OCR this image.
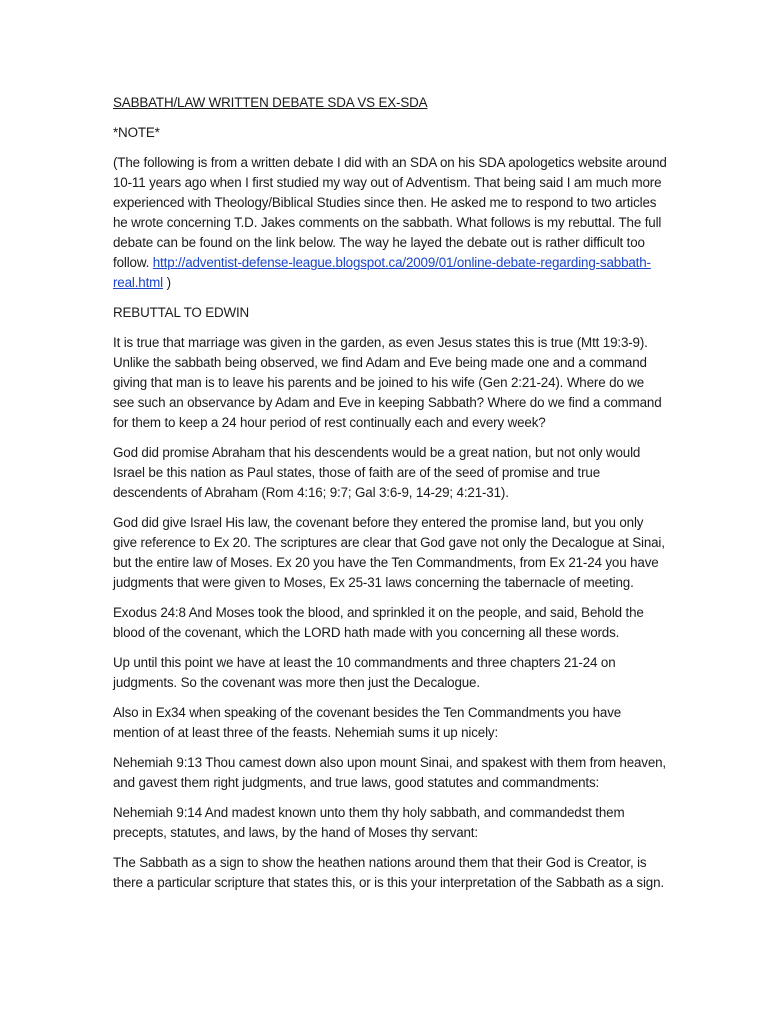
SABBATH/LAW WRITTEN DEBATE SDA VS EX-SDA
*NOTE*
(The following is from a written debate I did with an SDA on his SDA apologetics website around 10-11 years ago when I first studied my way out of Adventism. That being said I am much more experienced with Theology/Biblical Studies since then. He asked me to respond to two articles he wrote concerning T.D. Jakes comments on the sabbath. What follows is my rebuttal. The full debate can be found on the link below. The way he layed the debate out is rather difficult too follow. http://adventist-defense-league.blogspot.ca/2009/01/online-debate-regarding-sabbath-real.html )
REBUTTAL TO EDWIN
It is true that marriage was given in the garden, as even Jesus states this is true (Mtt 19:3-9). Unlike the sabbath being observed, we find Adam and Eve being made one and a command giving that man is to leave his parents and be joined to his wife (Gen 2:21-24). Where do we see such an observance by Adam and Eve in keeping Sabbath? Where do we find a command for them to keep a 24 hour period of rest continually each and every week?
God did promise Abraham that his descendents would be a great nation, but not only would Israel be this nation as Paul states, those of faith are of the seed of promise and true descendents of Abraham (Rom 4:16; 9:7; Gal 3:6-9, 14-29; 4:21-31).
God did give Israel His law, the covenant before they entered the promise land, but you only give reference to Ex 20. The scriptures are clear that God gave not only the Decalogue at Sinai, but the entire law of Moses. Ex 20 you have the Ten Commandments, from Ex 21-24 you have judgments that were given to Moses, Ex 25-31 laws concerning the tabernacle of meeting.
Exodus 24:8 And Moses took the blood, and sprinkled it on the people, and said, Behold the blood of the covenant, which the LORD hath made with you concerning all these words.
Up until this point we have at least the 10 commandments and three chapters 21-24 on judgments. So the covenant was more then just the Decalogue.
Also in Ex34 when speaking of the covenant besides the Ten Commandments you have mention of at least three of the feasts. Nehemiah sums it up nicely:
Nehemiah 9:13 Thou camest down also upon mount Sinai, and spakest with them from heaven, and gavest them right judgments, and true laws, good statutes and commandments:
Nehemiah 9:14 And madest known unto them thy holy sabbath, and commandedst them precepts, statutes, and laws, by the hand of Moses thy servant:
The Sabbath as a sign to show the heathen nations around them that their God is Creator, is there a particular scripture that states this, or is this your interpretation of the Sabbath as a sign.
